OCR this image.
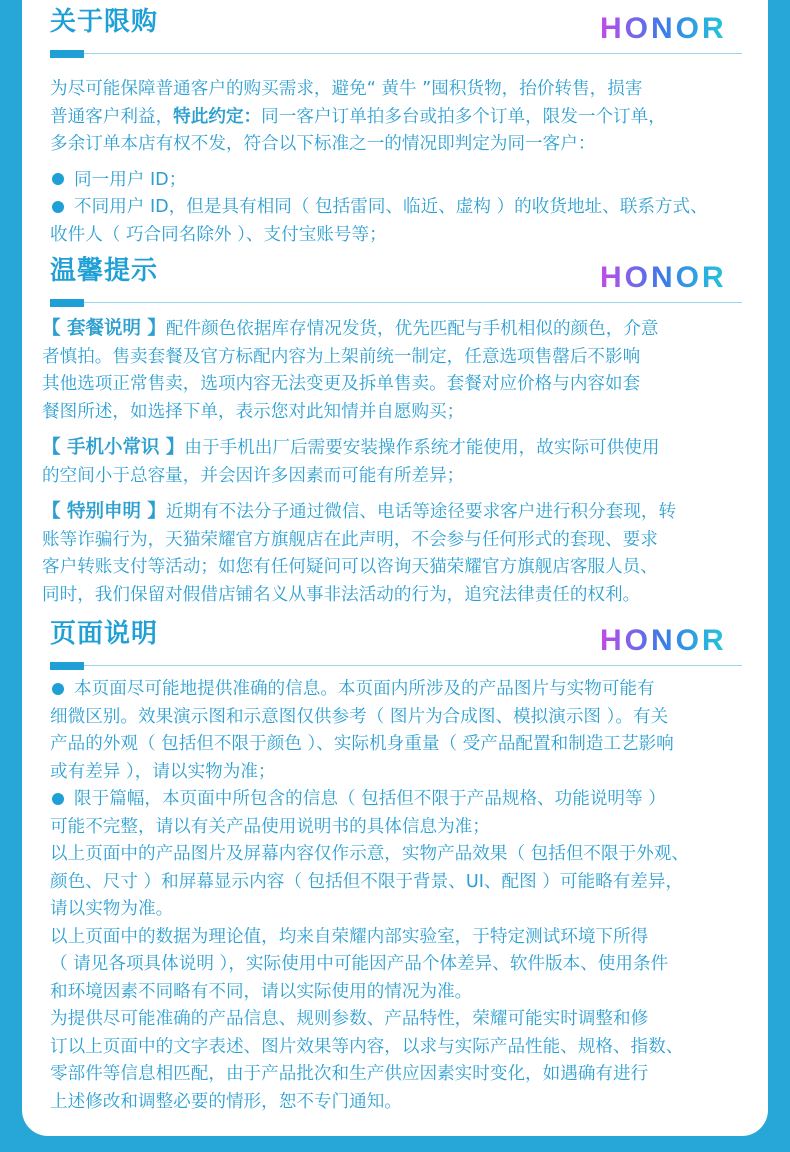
关于限购	HONOR

为尽可能保障普通客户的购买需求，避免“ 黄牛 ”囤积货物，抬价转售，损害

普通客户利益，特此约定：同一客户订单拍多台或拍多个订单，限发一个订单，

多余订单本店有权不发，符合以下标准之一的情况即判定为同一客户：

同一用户 ID；

不同用户 ID，但是具有相同（ 包括雷同、临近、虚构 ）的收货地址、联系方式、

收件人（ 巧合同名除外 ）、支付宝账号等；

温馨提示	HONOR

【 套餐说明 】配件颜色依据库存情况发货，优先匹配与手机相似的颜色，介意

者慎拍。售卖套餐及官方标配内容为上架前统一制定，任意选项售罄后不影响

其他选项正常售卖，选项内容无法变更及拆单售卖。套餐对应价格与内容如套

餐图所述，如选择下单，表示您对此知情并自愿购买；

【 手机小常识 】由于手机出厂后需要安装操作系统才能使用，故实际可供使用

的空间小于总容量，并会因许多因素而可能有所差异；

【 特别申明 】近期有不法分子通过微信、电话等途径要求客户进行积分套现，转

账等诈骗行为，天猫荣耀官方旗舰店在此声明，不会参与任何形式的套现、要求

客户转账支付等活动；如您有任何疑问可以咨询天猫荣耀官方旗舰店客服人员、

同时，我们保留对假借店铺名义从事非法活动的行为，追究法律责任的权利。

页面说明	HONOR

本页面尽可能地提供准确的信息。本页面内所涉及的产品图片与实物可能有

细微区别。效果演示图和示意图仅供参考（ 图片为合成图、模拟演示图 ）。有关

产品的外观（ 包括但不限于颜色 ）、实际机身重量（ 受产品配置和制造工艺影响

或有差异 ），请以实物为准；

限于篇幅，本页面中所包含的信息（ 包括但不限于产品规格、功能说明等 ）

可能不完整，请以有关产品使用说明书的具体信息为准；

以上页面中的产品图片及屏幕内容仅作示意，实物产品效果（ 包括但不限于外观、

颜色、尺寸 ）和屏幕显示内容（ 包括但不限于背景、UI、配图 ）可能略有差异，

请以实物为准。

以上页面中的数据为理论值，均来自荣耀内部实验室，于特定测试环境下所得

（ 请见各项具体说明 ），实际使用中可能因产品个体差异、软件版本、使用条件

和环境因素不同略有不同，请以实际使用的情况为准。

为提供尽可能准确的产品信息、规则参数、产品特性，荣耀可能实时调整和修

订以上页面中的文字表述、图片效果等内容，以求与实际产品性能、规格、指数、

零部件等信息相匹配，由于产品批次和生产供应因素实时变化，如遇确有进行

上述修改和调整必要的情形，恕不专门通知。
